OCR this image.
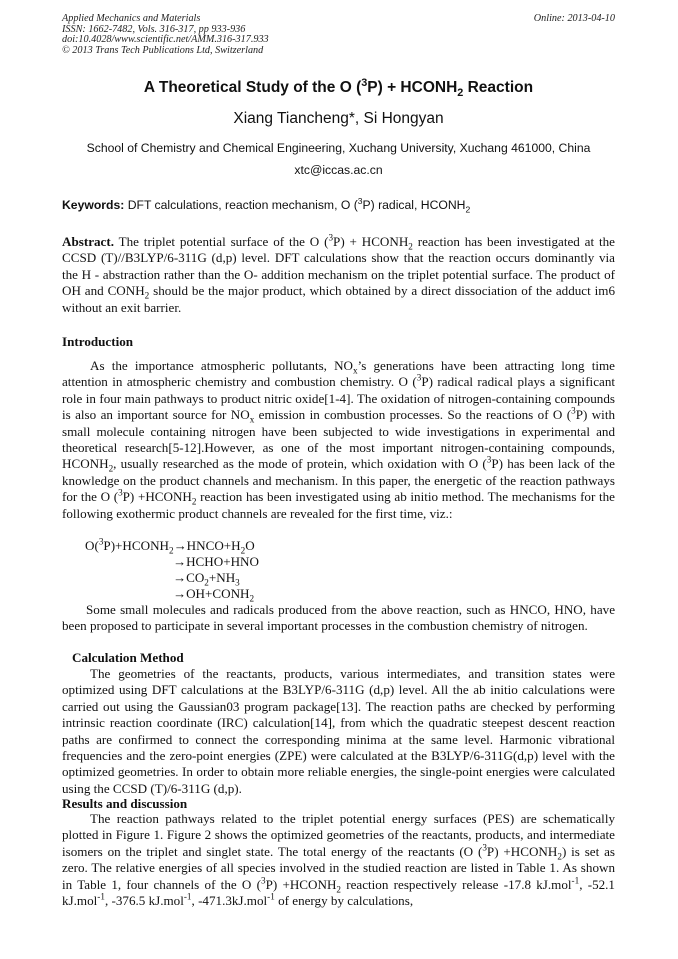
Applied Mechanics and Materials	Online: 2013-04-10
ISSN: 1662-7482, Vols. 316-317, pp 933-936
doi:10.4028/www.scientific.net/AMM.316-317.933
© 2013 Trans Tech Publications Ltd, Switzerland
A Theoretical Study of the O $(^3P) + HCONH_2$ Reaction
Xiang Tiancheng*, Si Hongyan
School of Chemistry and Chemical Engineering, Xuchang University, Xuchang 461000, China
xtc@iccas.ac.cn
Keywords: DFT calculations, reaction mechanism, O ($^3$P) radical, $HCONH_2$
Abstract. The triplet potential surface of the O $(^3P) + HCONH_2$ reaction has been investigated at the CCSD (T)//B3LYP/6-311G (d,p) level. DFT calculations show that the reaction occurs dominantly via the H - abstraction rather than the O- addition mechanism on the triplet potential surface. The product of OH and $CONH_2$ should be the major product, which obtained by a direct dissociation of the adduct im6 without an exit barrier.
Introduction
As the importance atmospheric pollutants, $NO_x’s$ generations have been attracting long time attention in atmospheric chemistry and combustion chemistry. O ($^3$P) radical radical plays a significant role in four main pathways to product nitric oxide[1-4]. The oxidation of nitrogen-containing compounds is also an important source for $NO_x$ emission in combustion processes. So the reactions of O ($^3$P) with small molecule containing nitrogen have been subjected to wide investigations in experimental and theoretical research[5-12].However, as one of the most important nitrogen-containing compounds, $HCONH_2$, usually researched as the mode of protein, which oxidation with O ($^3$P) has been lack of the knowledge on the product channels and mechanism. In this paper, the energetic of the reaction pathways for the O $(^3P) +HCONH_2$ reaction has been investigated using ab initio method. The mechanisms for the following exothermic product channels are revealed for the first time, viz.:
$O(^3P)+HCONH_2\to HNCO+H_2O$
→HCHO+HNO
$\to CO_2+NH_3$
$\to OH+CONH_2$
Some small molecules and radicals produced from the above reaction, such as HNCO, HNO, have been proposed to participate in several important processes in the combustion chemistry of nitrogen.
Calculation Method
The geometries of the reactants, products, various intermediates, and transition states were optimized using DFT calculations at the B3LYP/6-311G (d,p) level. All the ab initio calculations were carried out using the Gaussian03 program package[13]. The reaction paths are checked by performing intrinsic reaction coordinate (IRC) calculation[14], from which the quadratic steepest descent reaction paths are confirmed to connect the corresponding minima at the same level. Harmonic vibrational frequencies and the zero-point energies (ZPE) were calculated at the B3LYP/6-311G(d,p) level with the optimized geometries. In order to obtain more reliable energies, the single-point energies were calculated using the CCSD (T)/6-311G (d,p).
Results and discussion
The reaction pathways related to the triplet potential energy surfaces (PES) are schematically plotted in Figure 1. Figure 2 shows the optimized geometries of the reactants, products, and intermediate isomers on the triplet and singlet state. The total energy of the reactants (O $(^3P) +HCONH_2$) is set as zero. The relative energies of all species involved in the studied reaction are listed in Table 1. As shown in Table 1, four channels of the O $(^3P) +HCONH_2$ reaction respectively release -17.8 kJ.mol$^{-1}$, -52.1 kJ.mol$^{-1}$, -376.5 kJ.mol$^{-1}$, -471.3kJ.mol$^{-1}$ of energy by calculations,
